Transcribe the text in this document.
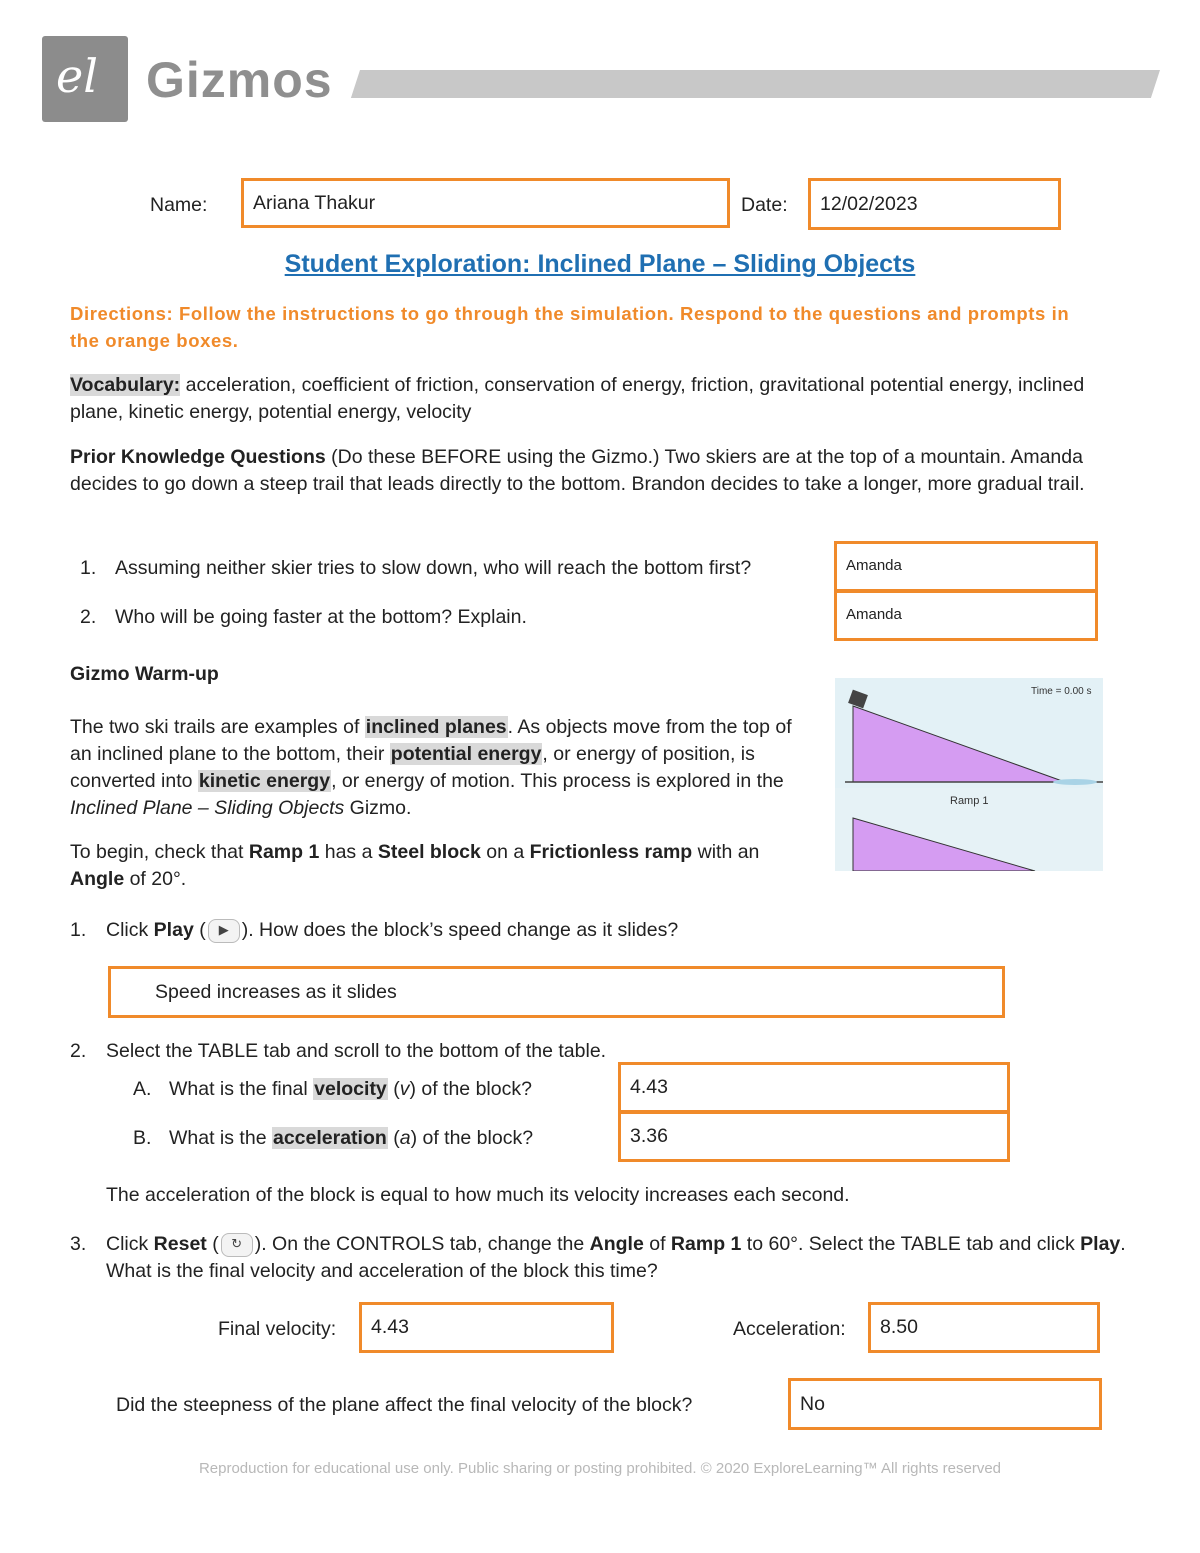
el Gizmos
Name:	Ariana Thakur	Date:	12/02/2023
Student Exploration: Inclined Plane – Sliding Objects
Directions: Follow the instructions to go through the simulation. Respond to the questions and prompts in the orange boxes.
Vocabulary: acceleration, coefficient of friction, conservation of energy, friction, gravitational potential energy, inclined plane, kinetic energy, potential energy, velocity
Prior Knowledge Questions (Do these BEFORE using the Gizmo.) Two skiers are at the top of a mountain. Amanda decides to go down a steep trail that leads directly to the bottom. Brandon decides to take a longer, more gradual trail.
1. Assuming neither skier tries to slow down, who will reach the bottom first?	Amanda
2. Who will be going faster at the bottom? Explain.	Amanda
Gizmo Warm-up
The two ski trails are examples of inclined planes. As objects move from the top of an inclined plane to the bottom, their potential energy, or energy of position, is converted into kinetic energy, or energy of motion. This process is explored in the Inclined Plane – Sliding Objects Gizmo.
To begin, check that Ramp 1 has a Steel block on a Frictionless ramp with an Angle of 20°.
Time = 0.00 s
Ramp 1
1. Click Play ( ▶ ). How does the block’s speed change as it slides?
Speed increases as it slides
2. Select the TABLE tab and scroll to the bottom of the table.
A. What is the final velocity (v) of the block?	4.43
B. What is the acceleration (a) of the block?	3.36
The acceleration of the block is equal to how much its velocity increases each second.
3. Click Reset ( ↻ ). On the CONTROLS tab, change the Angle of Ramp 1 to 60°. Select the TABLE tab and click Play. What is the final velocity and acceleration of the block this time?
Final velocity:	4.43	Acceleration:	8.50
Did the steepness of the plane affect the final velocity of the block?	No
Reproduction for educational use only. Public sharing or posting prohibited. © 2020 ExploreLearning™ All rights reserved
